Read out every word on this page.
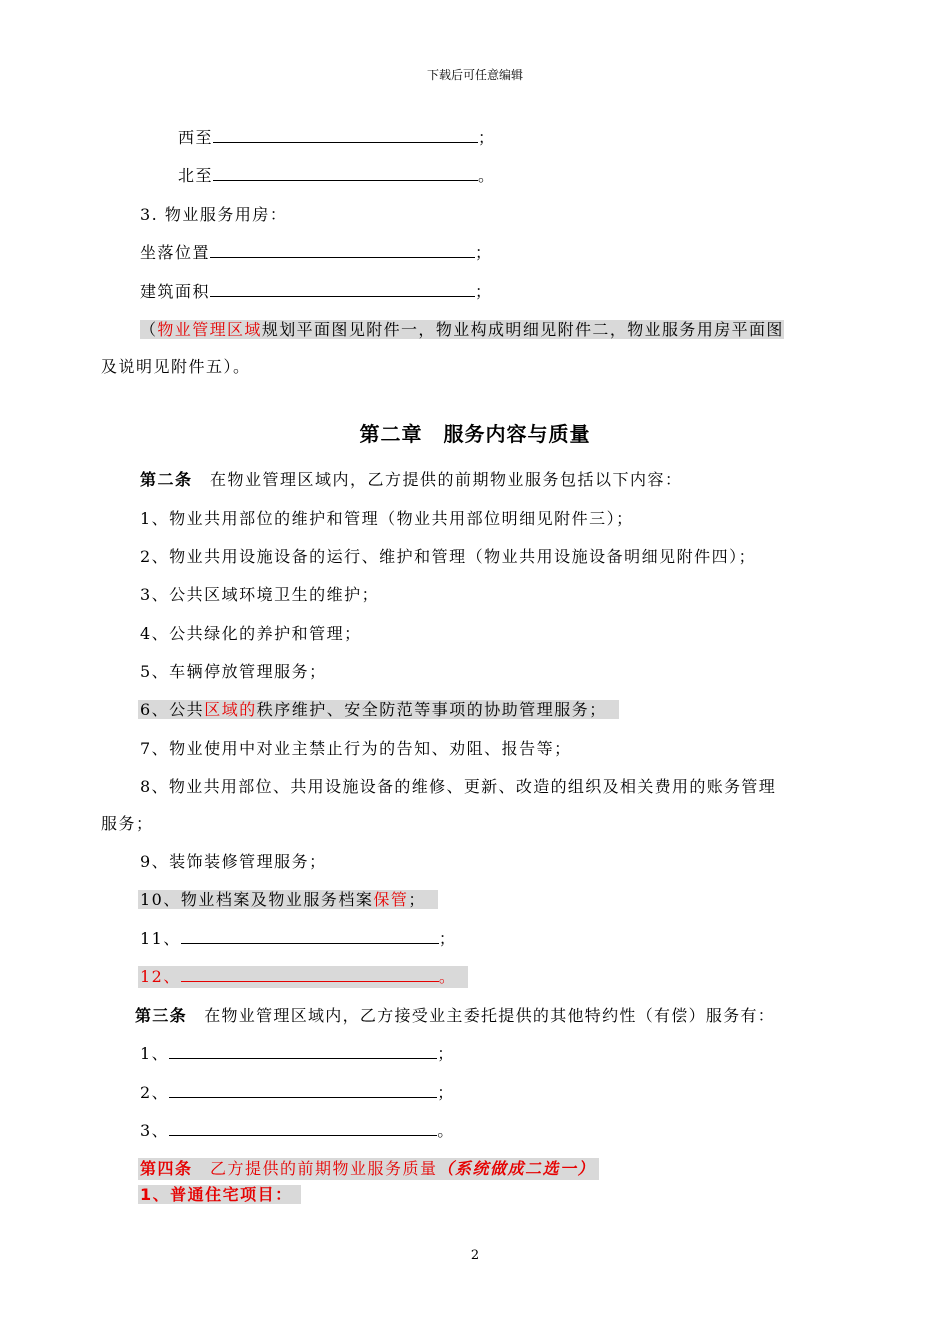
下载后可任意编辑
西至	；
北至	。
3. 物业服务用房：
坐落位置	；
建筑面积	；
（物业管理区域规划平面图见附件一，物业构成明细见附件二，物业服务用房平面图
及说明见附件五）。
第二章　服务内容与质量
第二条　在物业管理区域内，乙方提供的前期物业服务包括以下内容：
1、物业共用部位的维护和管理（物业共用部位明细见附件三）；
2、物业共用设施设备的运行、维护和管理（物业共用设施设备明细见附件四）；
3、公共区域环境卫生的维护；
4、公共绿化的养护和管理；
5、车辆停放管理服务；
6、公共区域的秩序维护、安全防范等事项的协助管理服务；
7、物业使用中对业主禁止行为的告知、劝阻、报告等；
8、物业共用部位、共用设施设备的维修、更新、改造的组织及相关费用的账务管理
服务；
9、装饰装修管理服务；
10、物业档案及物业服务档案保管；
11、	；
12、	。
第三条　在物业管理区域内，乙方接受业主委托提供的其他特约性（有偿）服务有：
1、	；
2、	；
3、	。
第四条　乙方提供的前期物业服务质量（系统做成二选一）
1、普通住宅项目：
2
